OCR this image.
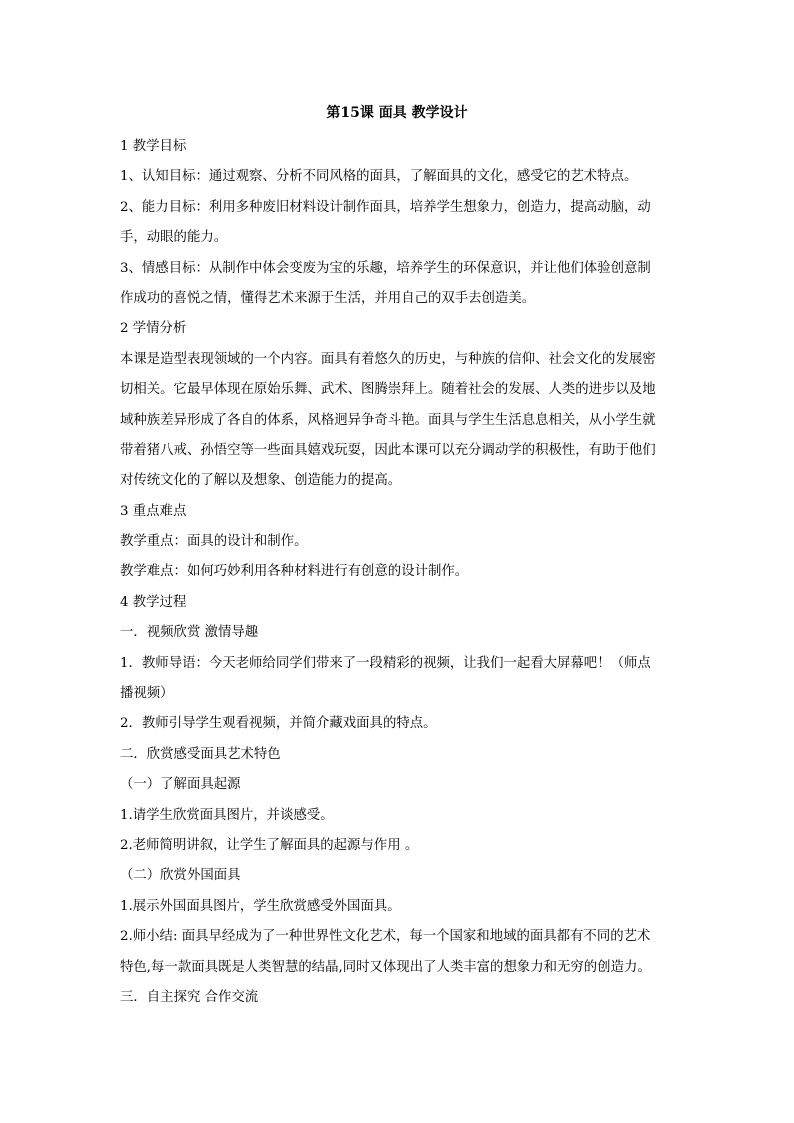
第15课 面具 教学设计

1 教学目标

1、认知目标：通过观察、分析不同风格的面具，了解面具的文化，感受它的艺术特点。

2、能力目标：利用多种废旧材料设计制作面具，培养学生想象力，创造力，提高动脑，动

手，动眼的能力。

3、情感目标：从制作中体会变废为宝的乐趣，培养学生的环保意识，并让他们体验创意制

作成功的喜悦之情，懂得艺术来源于生活，并用自己的双手去创造美。

2 学情分析

本课是造型表现领域的一个内容。面具有着悠久的历史，与种族的信仰、社会文化的发展密

切相关。它最早体现在原始乐舞、武术、图腾崇拜上。随着社会的发展、人类的进步以及地

域种族差异形成了各自的体系，风格迥异争奇斗艳。面具与学生生活息息相关，从小学生就

带着猪八戒、孙悟空等一些面具嬉戏玩耍，因此本课可以充分调动学的积极性，有助于他们

对传统文化的了解以及想象、创造能力的提高。

3 重点难点

教学重点：面具的设计和制作。

教学难点：如何巧妙利用各种材料进行有创意的设计制作。

4 教学过程

一．视频欣赏 激情导趣

1．教师导语：今天老师给同学们带来了一段精彩的视频，让我们一起看大屏幕吧！（师点

播视频）

2．教师引导学生观看视频，并简介藏戏面具的特点。

二．欣赏感受面具艺术特色

（一）了解面具起源

1.请学生欣赏面具图片，并谈感受。

2.老师简明讲叙，让学生了解面具的起源与作用 。

（二）欣赏外国面具

1.展示外国面具图片，学生欣赏感受外国面具。

2.师小结: 面具早经成为了一种世界性文化艺术，每一个国家和地域的面具都有不同的艺术

特色,每一款面具既是人类智慧的结晶,同时又体现出了人类丰富的想象力和无穷的创造力。

三．自主探究 合作交流
